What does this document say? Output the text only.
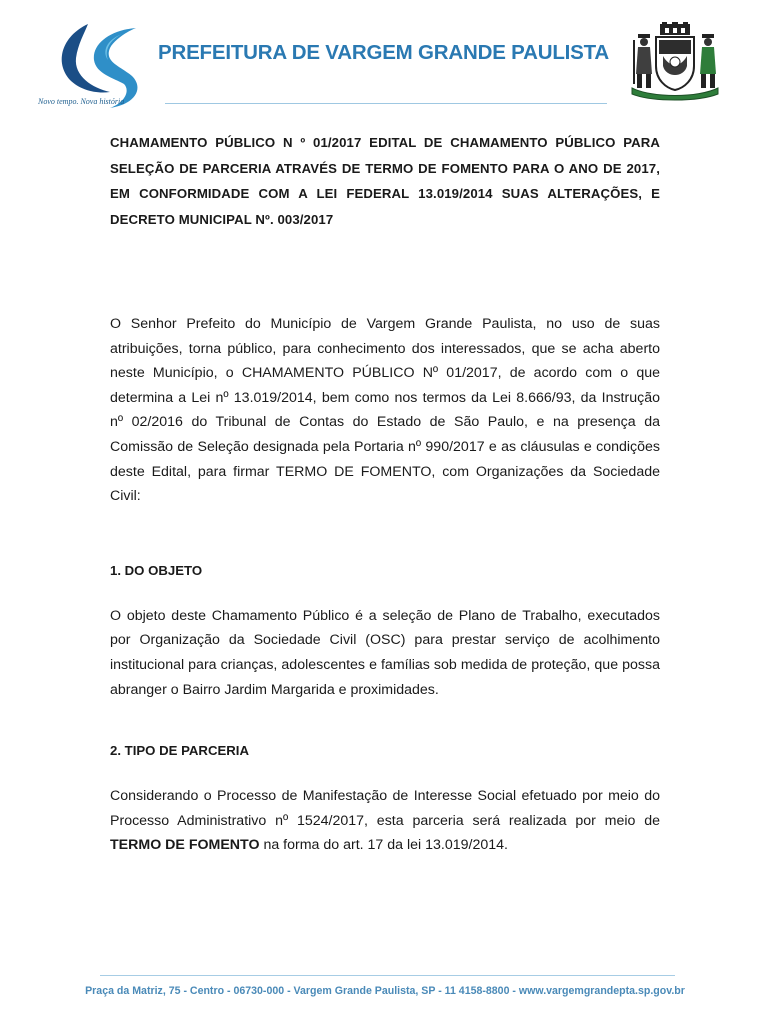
Novo tempo. Nova história
PREFEITURA DE VARGEM GRANDE PAULISTA

CHAMAMENTO PÚBLICO N º 01/2017 EDITAL DE CHAMAMENTO PÚBLICO PARA SELEÇÃO DE PARCERIA ATRAVÉS DE TERMO DE FOMENTO PARA O ANO DE 2017, EM CONFORMIDADE COM A LEI FEDERAL 13.019/2014 SUAS ALTERAÇÕES, E DECRETO MUNICIPAL Nº. 003/2017

O Senhor Prefeito do Município de Vargem Grande Paulista, no uso de suas atribuições, torna público, para conhecimento dos interessados, que se acha aberto neste Município, o CHAMAMENTO PÚBLICO Nº 01/2017, de acordo com o que determina a Lei nº 13.019/2014, bem como nos termos da Lei 8.666/93, da Instrução nº 02/2016 do Tribunal de Contas do Estado de São Paulo, e na presença da Comissão de Seleção designada pela Portaria nº 990/2017 e as cláusulas e condições deste Edital, para firmar TERMO DE FOMENTO, com Organizações da Sociedade Civil:

1. DO OBJETO

O objeto deste Chamamento Público é a seleção de Plano de Trabalho, executados por Organização da Sociedade Civil (OSC) para prestar serviço de acolhimento institucional para crianças, adolescentes e famílias sob medida de proteção, que possa abranger o Bairro Jardim Margarida e proximidades.

2. TIPO DE PARCERIA

Considerando o Processo de Manifestação de Interesse Social efetuado por meio do Processo Administrativo nº 1524/2017, esta parceria será realizada por meio de TERMO DE FOMENTO na forma do art. 17 da lei 13.019/2014.

Praça da Matriz, 75 - Centro - 06730-000 - Vargem Grande Paulista, SP - 11 4158-8800 - www.vargemgrandepta.sp.gov.br
